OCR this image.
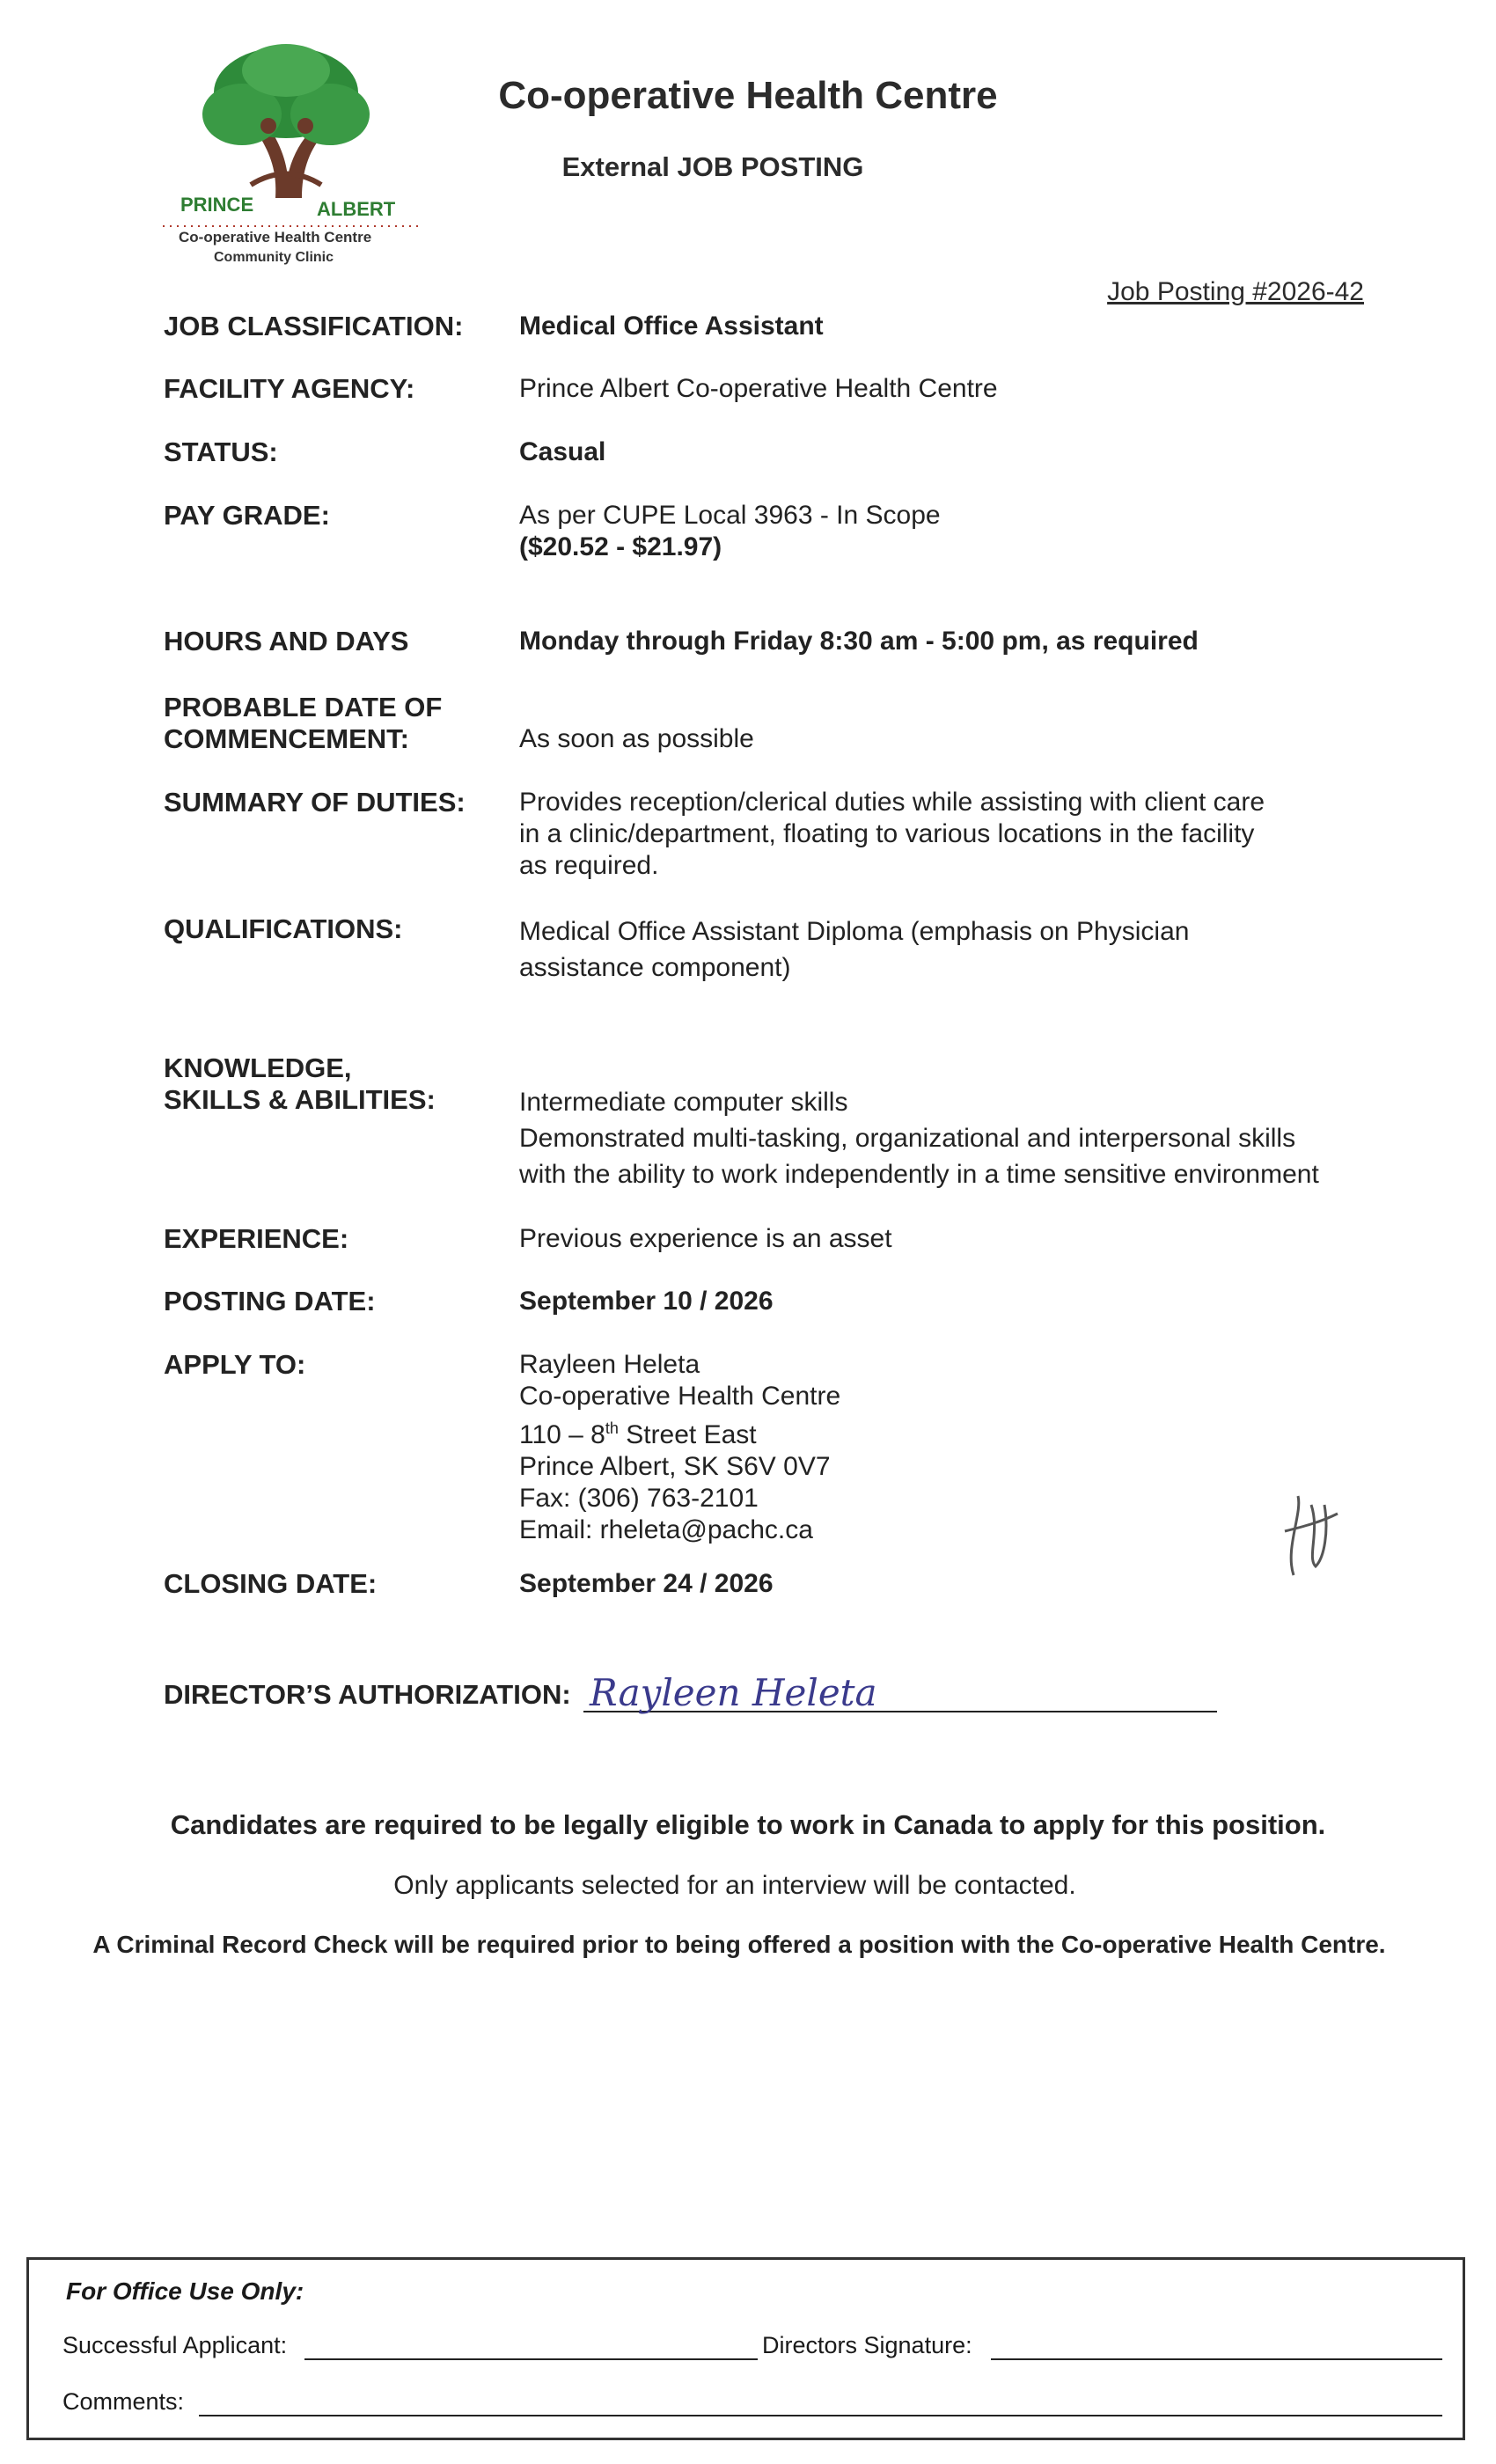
PRINCE	ALBERT
Co-operative Health Centre
Community Clinic
Co-operative Health Centre
External JOB POSTING
Job Posting #2026-42
JOB CLASSIFICATION: Medical Office Assistant
FACILITY AGENCY:	Prince Albert Co-operative Health Centre
STATUS:	Casual
PAY GRADE:	As per CUPE Local 3963 - In Scope
($20.52 - $21.97)
HOURS AND DAYS	Monday through Friday 8:30 am - 5:00 pm, as required
PROBABLE DATE OF
COMMENCEMENT:	As soon as possible
SUMMARY OF DUTIES: Provides reception/clerical duties while assisting with client care
in a clinic/department, floating to various locations in the facility
as required.
QUALIFICATIONS:	Medical Office Assistant Diploma (emphasis on Physician
assistance component)
KNOWLEDGE,
SKILLS & ABILITIES:	Intermediate computer skills
Demonstrated multi-tasking, organizational and interpersonal skills
with the ability to work independently in a time sensitive environment
EXPERIENCE:	Previous experience is an asset
POSTING DATE:	September 10 / 2026
APPLY TO:	Rayleen Heleta
Co-operative Health Centre
110 – 8th Street East
Prince Albert, SK S6V 0V7
Fax: (306) 763-2101
Email: rheleta@pachc.ca
CLOSING DATE:	September 24 / 2026
DIRECTOR’S AUTHORIZATION: Rayleen Heleta
Candidates are required to be legally eligible to work in Canada to apply for this position.
Only applicants selected for an interview will be contacted.
A Criminal Record Check will be required prior to being offered a position with the Co-operative Health Centre.
For Office Use Only:
Successful Applicant:	Directors Signature:
Comments:
